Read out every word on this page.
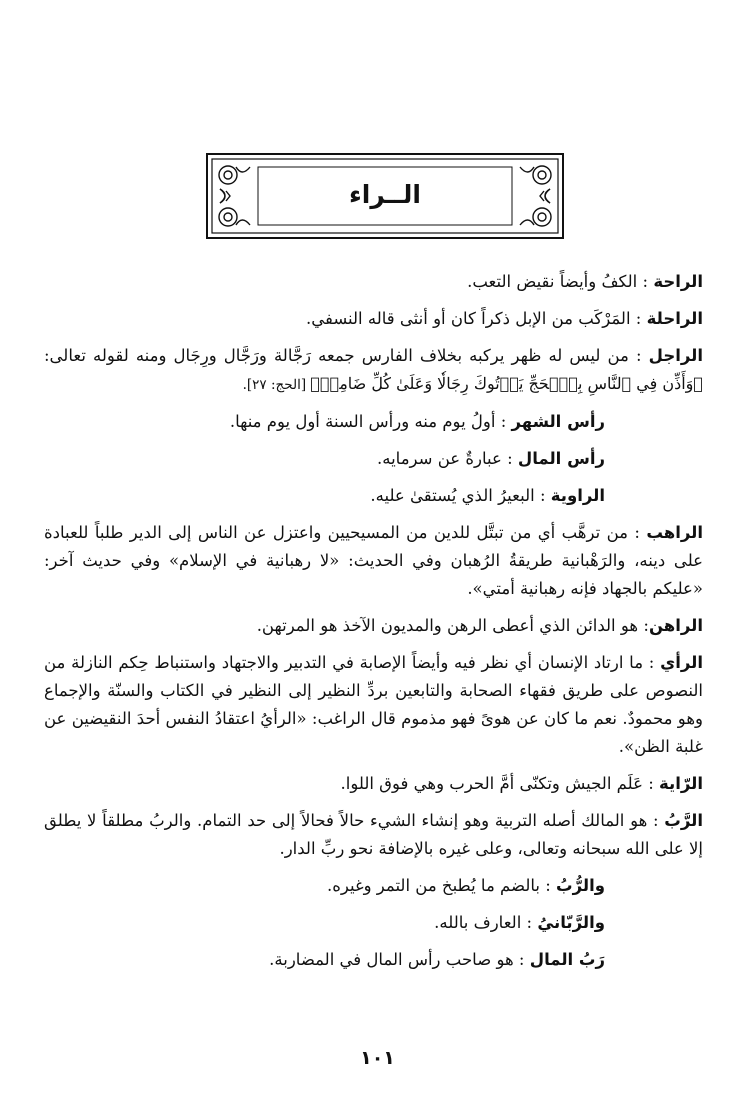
الــراء

الراحة : الكفُ وأيضاً نقيض التعب.

الراحلة : المَرْكَب من الإبل ذكراً كان أو أنثى قاله النسفي.

الراجل : من ليس له ظهر يركبه بخلاف الفارس جمعه رَجَّالة ورَجَّال ورِجَال ومنه لقوله تعالى: ﴿وَأَذِّن فِي ٱلنَّاسِ بِٱلۡحَجِّ يَأۡتُوكَ رِجَالٗا وَعَلَىٰ كُلِّ ضَامِرٖ﴾ [الحج: ٢٧].

رأس الشهر : أولُ يوم منه ورأس السنة أول يوم منها.

رأس المال : عبارةٌ عن سرمايه.

الراوية : البعيرُ الذي يُستقىٰ عليه.

الراهب : من ترهَّب أي من تبتَّل للدين من المسيحيين واعتزل عن الناس إلى الدير طلباً للعبادة على دينه، والرَهْبانية طريقةُ الرُهبان وفي الحديث: «لا رهبانية في الإسلام» وفي حديث آخر: «عليكم بالجهاد فإنه رهبانية أمتي».

الراهن: هو الدائن الذي أعطى الرهن والمديون الآخذ هو المرتهن.

الرأي : ما ارتاد الإنسان أي نظر فيه وأيضاً الإصابة في التدبير والاجتهاد واستنباط حِكم النازلة من النصوص على طريق فقهاء الصحابة والتابعين بردِّ النظير إلى النظير في الكتاب والسنّة والإجماع وهو محمودٌ. نعم ما كان عن هوىً فهو مذموم قال الراغب: «الرأيُ اعتقادُ النفس أحدَ النقيضين عن غلبة الظن».

الرّاية : عَلَم الجيش وتكنّى أمَّ الحرب وهي فوق اللوا.

الرَّبُ : هو المالك أصله التربية وهو إنشاء الشيء حالاً فحالاً إلى حد التمام. والربُ مطلقاً لا يطلق إلا على الله سبحانه وتعالى، وعلى غيره بالإضافة نحو ربِّ الدار.

والرُّبُ : بالضم ما يُطبخ من التمر وغيره.

والرَّبّانيُ : العارف بالله.

رَبُ المال : هو صاحب رأس المال في المضاربة.

١٠١
